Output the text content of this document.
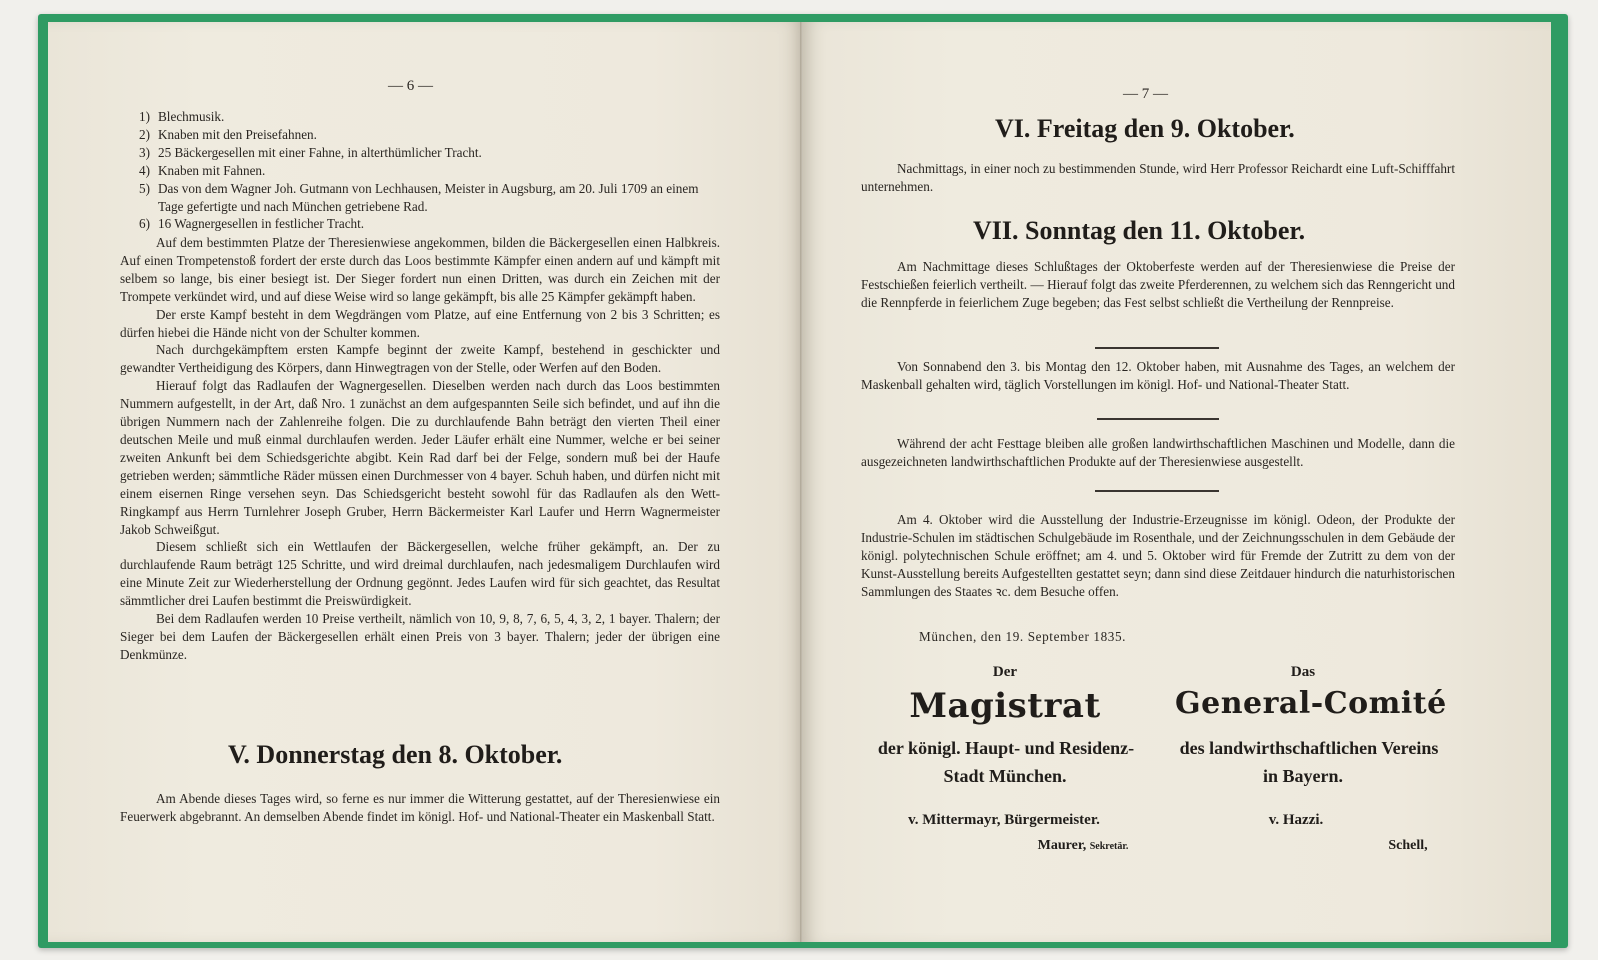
— 6 —
1) Blechmusik.
2) Knaben mit den Preisefahnen.
3) 25 Bäckergesellen mit einer Fahne, in alterthümlicher Tracht.
4) Knaben mit Fahnen.
5) Das von dem Wagner Joh. Gutmann von Lechhausen, Meister in Augsburg, am 20. Juli 1709 an einem Tage gefertigte und nach München getriebene Rad.
6) 16 Wagnergesellen in festlicher Tracht.

Auf dem bestimmten Platze der Theresienwiese angekommen, bilden die Bäckergesellen einen Halbkreis. Auf einen Trompetenstoß fordert der erste durch das Loos bestimmte Kämpfer einen andern auf und kämpft mit selbem so lange, bis einer besiegt ist. Der Sieger fordert nun einen Dritten, was durch ein Zeichen mit der Trompete verkündet wird, und auf diese Weise wird so lange gekämpft, bis alle 25 Kämpfer gekämpft haben.

Der erste Kampf besteht in dem Wegdrängen vom Platze, auf eine Entfernung von 2 bis 3 Schritten; es dürfen hiebei die Hände nicht von der Schulter kommen.

Nach durchgekämpftem ersten Kampfe beginnt der zweite Kampf, bestehend in geschickter und gewandter Vertheidigung des Körpers, dann Hinwegtragen von der Stelle, oder Werfen auf den Boden.

Hierauf folgt das Radlaufen der Wagnergesellen. Dieselben werden nach durch das Loos bestimmten Nummern aufgestellt, in der Art, daß Nro. 1 zunächst an dem aufgespannten Seile sich befindet, und auf ihn die übrigen Nummern nach der Zahlenreihe folgen. Die zu durchlaufende Bahn beträgt den vierten Theil einer deutschen Meile und muß einmal durchlaufen werden. Jeder Läufer erhält eine Nummer, welche er bei seiner zweiten Ankunft bei dem Schiedsgerichte abgibt. Kein Rad darf bei der Felge, sondern muß bei der Haufe getrieben werden; sämmtliche Räder müssen einen Durchmesser von 4 bayer. Schuh haben, und dürfen nicht mit einem eisernen Ringe versehen seyn. Das Schiedsgericht besteht sowohl für das Radlaufen als den Wett-Ringkampf aus Herrn Turnlehrer Joseph Gruber, Herrn Bäckermeister Karl Laufer und Herrn Wagnermeister Jakob Schweißgut.

Diesem schließt sich ein Wettlaufen der Bäckergesellen, welche früher gekämpft, an. Der zu durchlaufende Raum beträgt 125 Schritte, und wird dreimal durchlaufen, nach jedesmaligem Durchlaufen wird eine Minute Zeit zur Wiederherstellung der Ordnung gegönnt. Jedes Laufen wird für sich geachtet, das Resultat sämmtlicher drei Laufen bestimmt die Preiswürdigkeit.

Bei dem Radlaufen werden 10 Preise vertheilt, nämlich von 10, 9, 8, 7, 6, 5, 4, 3, 2, 1 bayer. Thalern; der Sieger bei dem Laufen der Bäckergesellen erhält einen Preis von 3 bayer. Thalern; jeder der übrigen eine Denkmünze.

V. Donnerstag den 8. Oktober.

Am Abende dieses Tages wird, so ferne es nur immer die Witterung gestattet, auf der Theresienwiese ein Feuerwerk abgebrannt. An demselben Abende findet im königl. Hof- und National-Theater ein Maskenball Statt.

— 7 —
VI. Freitag den 9. Oktober.

Nachmittags, in einer noch zu bestimmenden Stunde, wird Herr Professor Reichardt eine Luft-Schifffahrt unternehmen.

VII. Sonntag den 11. Oktober.

Am Nachmittage dieses Schlußtages der Oktoberfeste werden auf der Theresienwiese die Preise der Festschießen feierlich vertheilt. — Hierauf folgt das zweite Pferderennen, zu welchem sich das Renngericht und die Rennpferde in feierlichem Zuge begeben; das Fest selbst schließt die Vertheilung der Rennpreise.

Von Sonnabend den 3. bis Montag den 12. Oktober haben, mit Ausnahme des Tages, an welchem der Maskenball gehalten wird, täglich Vorstellungen im königl. Hof- und National-Theater Statt.

Während der acht Festtage bleiben alle großen landwirthschaftlichen Maschinen und Modelle, dann die ausgezeichneten landwirthschaftlichen Produkte auf der Theresienwiese ausgestellt.

Am 4. Oktober wird die Ausstellung der Industrie-Erzeugnisse im königl. Odeon, der Produkte der Industrie-Schulen im städtischen Schulgebäude im Rosenthale, und der Zeichnungsschulen in dem Gebäude der königl. polytechnischen Schule eröffnet; am 4. und 5. Oktober wird für Fremde der Zutritt zu dem von der Kunst-Ausstellung bereits Aufgestellten gestattet seyn; dann sind diese Zeitdauer hindurch die naturhistorischen Sammlungen des Staates ꝛc. dem Besuche offen.

München, den 19. September 1835.
Der
Magistrat
der königl. Haupt- und Residenz-
Stadt München.
v. Mittermayr, Bürgermeister.
Maurer, Sekretär.
Das
General-Comité
des landwirthschaftlichen Vereins
in Bayern.
v. Hazzi.
Schell,
